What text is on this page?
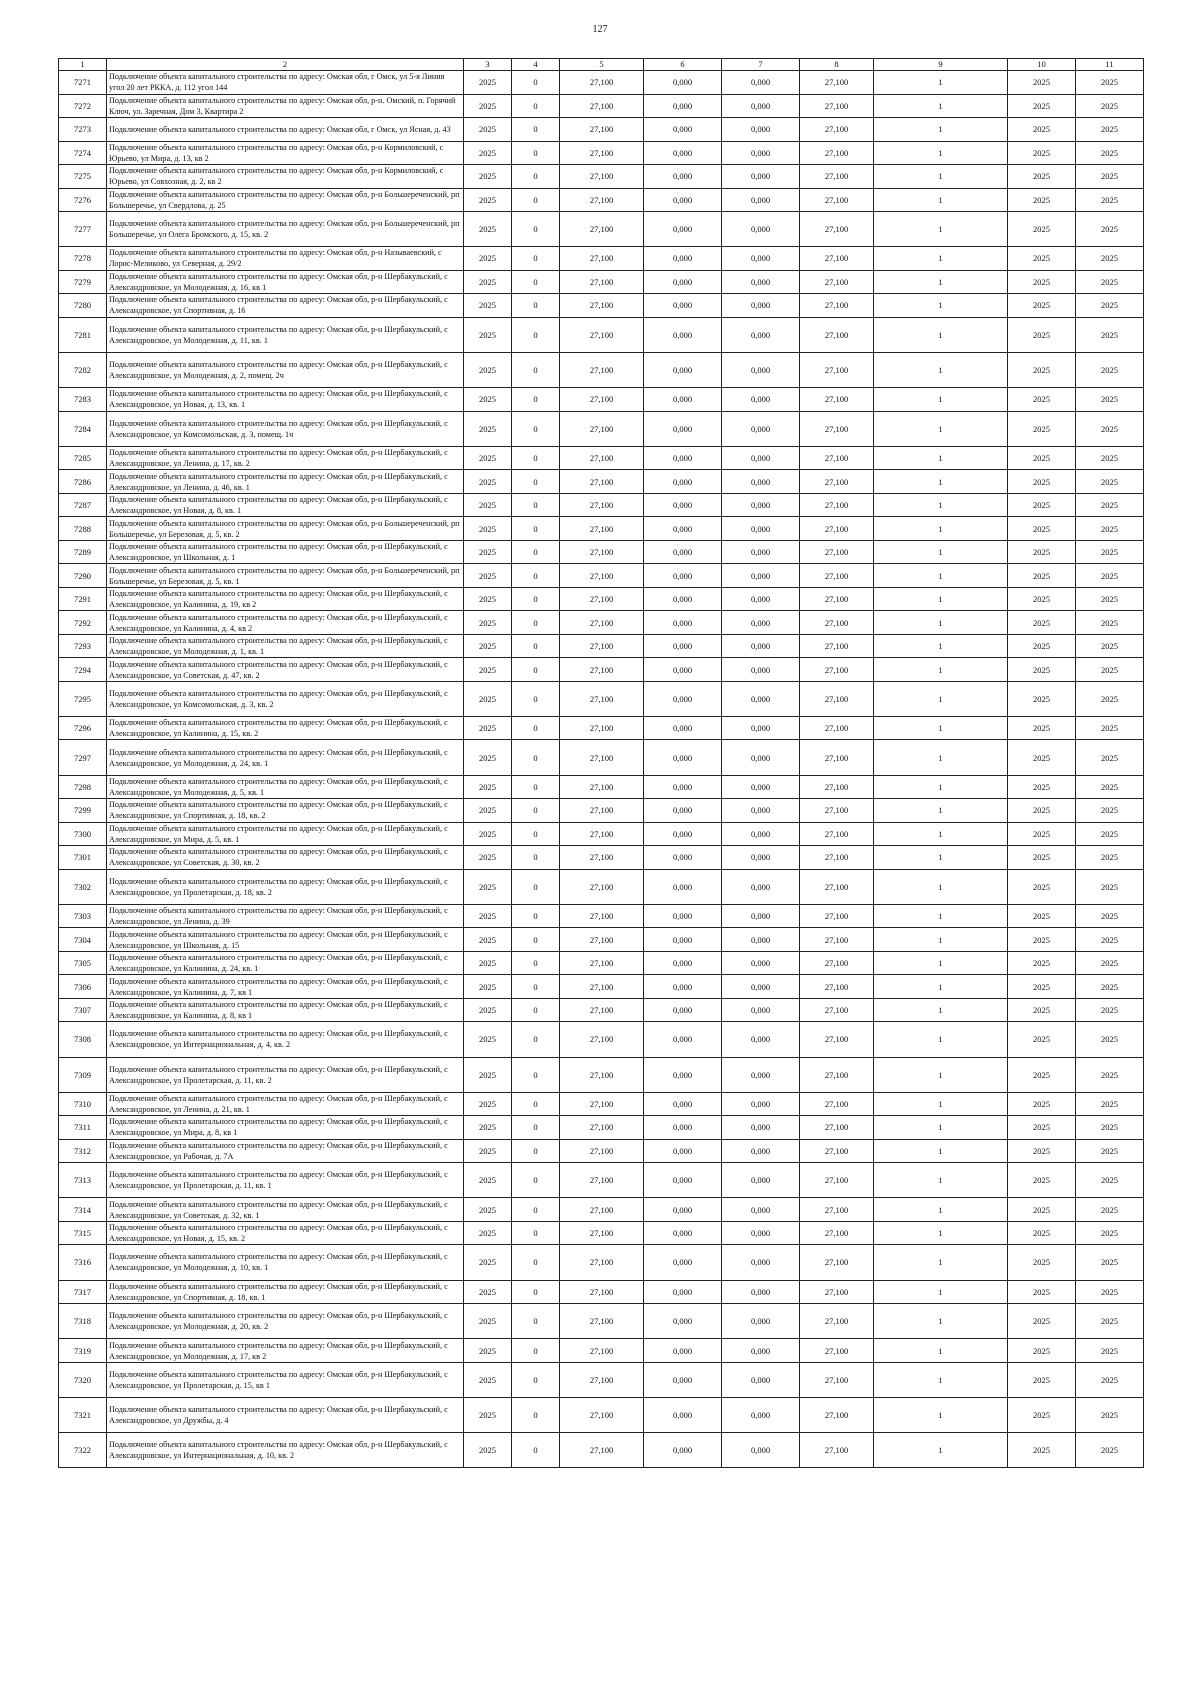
127
1	2	3	4	5	6	7	8	9	10	11
7271	Подключение объекта капитального строительства по адресу: Омская обл, г Омск, ул 5-я Линия угол 20 лет РККА, д. 112 угол 144	2025	0	27,100	0,000	0,000	27,100	1	2025	2025
7272	Подключение объекта капитального строительства по адресу: Омская обл, р-н. Омский, п. Горячий Ключ, ул. Заречная, Дом 3, Квартира 2	2025	0	27,100	0,000	0,000	27,100	1	2025	2025
7273	Подключение объекта капитального строительства по адресу: Омская обл, г Омск, ул Ясная, д. 43	2025	0	27,100	0,000	0,000	27,100	1	2025	2025
7274	Подключение объекта капитального строительства по адресу: Омская обл, р-н Кормиловский, с Юрьево, ул Мира, д. 13, кв 2	2025	0	27,100	0,000	0,000	27,100	1	2025	2025
7275	Подключение объекта капитального строительства по адресу: Омская обл, р-н Кормиловский, с Юрьево, ул Совхозная, д. 2, кв 2	2025	0	27,100	0,000	0,000	27,100	1	2025	2025
7276	Подключение объекта капитального строительства по адресу: Омская обл, р-н Большереченский, рп Большеречье, ул Свердлова, д. 25	2025	0	27,100	0,000	0,000	27,100	1	2025	2025
7277	Подключение объекта капитального строительства по адресу: Омская обл, р-н Большереченский, рп Большеречье, ул Олега Бромского, д. 15, кв. 2	2025	0	27,100	0,000	0,000	27,100	1	2025	2025
7278	Подключение объекта капитального строительства по адресу: Омская обл, р-н Называевский, с Лорис-Меликово, ул Северная, д. 29/2	2025	0	27,100	0,000	0,000	27,100	1	2025	2025
7279	Подключение объекта капитального строительства по адресу: Омская обл, р-н Шербакульский, с Александровское, ул Молодежная, д. 16, кв 1	2025	0	27,100	0,000	0,000	27,100	1	2025	2025
7280	Подключение объекта капитального строительства по адресу: Омская обл, р-н Шербакульский, с Александровское, ул Спортивная, д. 16	2025	0	27,100	0,000	0,000	27,100	1	2025	2025
7281	Подключение объекта капитального строительства по адресу: Омская обл, р-н Шербакульский, с Александровское, ул Молодежная, д. 11, кв. 1	2025	0	27,100	0,000	0,000	27,100	1	2025	2025
7282	Подключение объекта капитального строительства по адресу: Омская обл, р-н Шербакульский, с Александровское, ул Молодежная, д. 2, помещ. 2ч	2025	0	27,100	0,000	0,000	27,100	1	2025	2025
7283	Подключение объекта капитального строительства по адресу: Омская обл, р-н Шербакульский, с Александровское, ул Новая, д. 13, кв. 1	2025	0	27,100	0,000	0,000	27,100	1	2025	2025
7284	Подключение объекта капитального строительства по адресу: Омская обл, р-н Шербакульский, с Александровское, ул Комсомольская, д. 3, помещ. 1ч	2025	0	27,100	0,000	0,000	27,100	1	2025	2025
7285	Подключение объекта капитального строительства по адресу: Омская обл, р-н Шербакульский, с Александровское, ул Ленина, д. 17, кв. 2	2025	0	27,100	0,000	0,000	27,100	1	2025	2025
7286	Подключение объекта капитального строительства по адресу: Омская обл, р-н Шербакульский, с Александровское, ул Ленина, д. 46, кв. 1	2025	0	27,100	0,000	0,000	27,100	1	2025	2025
7287	Подключение объекта капитального строительства по адресу: Омская обл, р-н Шербакульский, с Александровское, ул Новая, д. 8, кв. 1	2025	0	27,100	0,000	0,000	27,100	1	2025	2025
7288	Подключение объекта капитального строительства по адресу: Омская обл, р-н Большереченский, рп Большеречье, ул Березовая, д. 5, кв. 2	2025	0	27,100	0,000	0,000	27,100	1	2025	2025
7289	Подключение объекта капитального строительства по адресу: Омская обл, р-н Шербакульский, с Александровское, ул Школьная, д. 1	2025	0	27,100	0,000	0,000	27,100	1	2025	2025
7290	Подключение объекта капитального строительства по адресу: Омская обл, р-н Большереченский, рп Большеречье, ул Березовая, д. 5, кв. 1	2025	0	27,100	0,000	0,000	27,100	1	2025	2025
7291	Подключение объекта капитального строительства по адресу: Омская обл, р-н Шербакульский, с Александровское, ул Калинина, д. 19, кв 2	2025	0	27,100	0,000	0,000	27,100	1	2025	2025
7292	Подключение объекта капитального строительства по адресу: Омская обл, р-н Шербакульский, с Александровское, ул Калинина, д. 4, кв 2	2025	0	27,100	0,000	0,000	27,100	1	2025	2025
7293	Подключение объекта капитального строительства по адресу: Омская обл, р-н Шербакульский, с Александровское, ул Молодежная, д. 1, кв. 1	2025	0	27,100	0,000	0,000	27,100	1	2025	2025
7294	Подключение объекта капитального строительства по адресу: Омская обл, р-н Шербакульский, с Александровское, ул Советская, д. 47, кв. 2	2025	0	27,100	0,000	0,000	27,100	1	2025	2025
7295	Подключение объекта капитального строительства по адресу: Омская обл, р-н Шербакульский, с Александровское, ул Комсомольская, д. 3, кв. 2	2025	0	27,100	0,000	0,000	27,100	1	2025	2025
7296	Подключение объекта капитального строительства по адресу: Омская обл, р-н Шербакульский, с Александровское, ул Калинина, д. 15, кв. 2	2025	0	27,100	0,000	0,000	27,100	1	2025	2025
7297	Подключение объекта капитального строительства по адресу: Омская обл, р-н Шербакульский, с Александровское, ул Молодежная, д. 24, кв. 1	2025	0	27,100	0,000	0,000	27,100	1	2025	2025
7298	Подключение объекта капитального строительства по адресу: Омская обл, р-н Шербакульский, с Александровское, ул Молодежная, д. 5, кв. 1	2025	0	27,100	0,000	0,000	27,100	1	2025	2025
7299	Подключение объекта капитального строительства по адресу: Омская обл, р-н Шербакульский, с Александровское, ул Спортивная, д. 18, кв. 2	2025	0	27,100	0,000	0,000	27,100	1	2025	2025
7300	Подключение объекта капитального строительства по адресу: Омская обл, р-н Шербакульский, с Александровское, ул Мира, д. 5, кв. 1	2025	0	27,100	0,000	0,000	27,100	1	2025	2025
7301	Подключение объекта капитального строительства по адресу: Омская обл, р-н Шербакульский, с Александровское, ул Советская, д. 30, кв. 2	2025	0	27,100	0,000	0,000	27,100	1	2025	2025
7302	Подключение объекта капитального строительства по адресу: Омская обл, р-н Шербакульский, с Александровское, ул Пролетарская, д. 18, кв. 2	2025	0	27,100	0,000	0,000	27,100	1	2025	2025
7303	Подключение объекта капитального строительства по адресу: Омская обл, р-н Шербакульский, с Александровское, ул Ленина, д. 39	2025	0	27,100	0,000	0,000	27,100	1	2025	2025
7304	Подключение объекта капитального строительства по адресу: Омская обл, р-н Шербакульский, с Александровское, ул Школьная, д. 15	2025	0	27,100	0,000	0,000	27,100	1	2025	2025
7305	Подключение объекта капитального строительства по адресу: Омская обл, р-н Шербакульский, с Александровское, ул Калинина, д. 24, кв. 1	2025	0	27,100	0,000	0,000	27,100	1	2025	2025
7306	Подключение объекта капитального строительства по адресу: Омская обл, р-н Шербакульский, с Александровское, ул Калинина, д. 7, кв 1	2025	0	27,100	0,000	0,000	27,100	1	2025	2025
7307	Подключение объекта капитального строительства по адресу: Омская обл, р-н Шербакульский, с Александровское, ул Калинина, д. 8, кв 1	2025	0	27,100	0,000	0,000	27,100	1	2025	2025
7308	Подключение объекта капитального строительства по адресу: Омская обл, р-н Шербакульский, с Александровское, ул Интернациональная, д. 4, кв. 2	2025	0	27,100	0,000	0,000	27,100	1	2025	2025
7309	Подключение объекта капитального строительства по адресу: Омская обл, р-н Шербакульский, с Александровское, ул Пролетарская, д. 11, кв. 2	2025	0	27,100	0,000	0,000	27,100	1	2025	2025
7310	Подключение объекта капитального строительства по адресу: Омская обл, р-н Шербакульский, с Александровское, ул Ленина, д. 21, кв. 1	2025	0	27,100	0,000	0,000	27,100	1	2025	2025
7311	Подключение объекта капитального строительства по адресу: Омская обл, р-н Шербакульский, с Александровское, ул Мира, д. 8, кв 1	2025	0	27,100	0,000	0,000	27,100	1	2025	2025
7312	Подключение объекта капитального строительства по адресу: Омская обл, р-н Шербакульский, с Александровское, ул Рабочая, д. 7А	2025	0	27,100	0,000	0,000	27,100	1	2025	2025
7313	Подключение объекта капитального строительства по адресу: Омская обл, р-н Шербакульский, с Александровское, ул Пролетарская, д. 11, кв. 1	2025	0	27,100	0,000	0,000	27,100	1	2025	2025
7314	Подключение объекта капитального строительства по адресу: Омская обл, р-н Шербакульский, с Александровское, ул Советская, д. 32, кв. 1	2025	0	27,100	0,000	0,000	27,100	1	2025	2025
7315	Подключение объекта капитального строительства по адресу: Омская обл, р-н Шербакульский, с Александровское, ул Новая, д. 15, кв. 2	2025	0	27,100	0,000	0,000	27,100	1	2025	2025
7316	Подключение объекта капитального строительства по адресу: Омская обл, р-н Шербакульский, с Александровское, ул Молодежная, д. 10, кв. 1	2025	0	27,100	0,000	0,000	27,100	1	2025	2025
7317	Подключение объекта капитального строительства по адресу: Омская обл, р-н Шербакульский, с Александровское, ул Спортивная, д. 18, кв. 1	2025	0	27,100	0,000	0,000	27,100	1	2025	2025
7318	Подключение объекта капитального строительства по адресу: Омская обл, р-н Шербакульский, с Александровское, ул Молодежная, д. 20, кв. 2	2025	0	27,100	0,000	0,000	27,100	1	2025	2025
7319	Подключение объекта капитального строительства по адресу: Омская обл, р-н Шербакульский, с Александровское, ул Молодежная, д. 17, кв 2	2025	0	27,100	0,000	0,000	27,100	1	2025	2025
7320	Подключение объекта капитального строительства по адресу: Омская обл, р-н Шербакульский, с Александровское, ул Пролетарская, д. 15, кв 1	2025	0	27,100	0,000	0,000	27,100	1	2025	2025
7321	Подключение объекта капитального строительства по адресу: Омская обл, р-н Шербакульский, с Александровское, ул Дружбы, д. 4	2025	0	27,100	0,000	0,000	27,100	1	2025	2025
7322	Подключение объекта капитального строительства по адресу: Омская обл, р-н Шербакульский, с Александровское, ул Интернациональная, д. 10, кв. 2	2025	0	27,100	0,000	0,000	27,100	1	2025	2025
